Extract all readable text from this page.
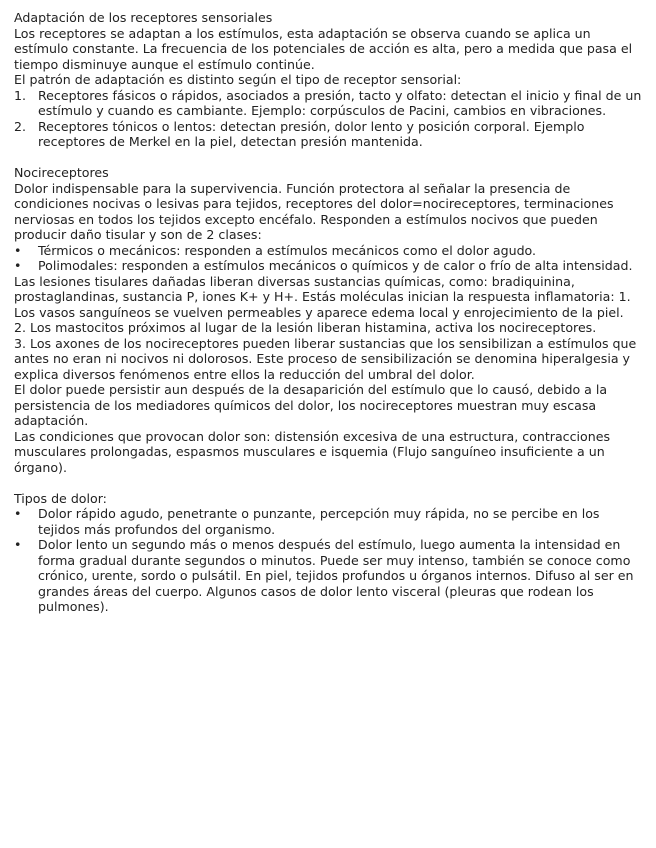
Adaptación de los receptores sensoriales

Los receptores se adaptan a los estímulos, esta adaptación se observa cuando se aplica un estímulo constante. La frecuencia de los potenciales de acción es alta, pero a medida que pasa el tiempo disminuye aunque el estímulo continúe.

El patrón de adaptación es distinto según el tipo de receptor sensorial:

1. Receptores fásicos o rápidos, asociados a presión, tacto y olfato: detectan el inicio y final de un estímulo y cuando es cambiante. Ejemplo: corpúsculos de Pacini, cambios en vibraciones.
2. Receptores tónicos o lentos: detectan presión, dolor lento y posición corporal. Ejemplo receptores de Merkel en la piel, detectan presión mantenida.

Nocireceptores

Dolor indispensable para la supervivencia. Función protectora al señalar la presencia de condiciones nocivas o lesivas para tejidos, receptores del dolor=nocireceptores, terminaciones nerviosas en todos los tejidos excepto encéfalo. Responden a estímulos nocivos que pueden producir daño tisular y son de 2 clases:

•	Térmicos o mecánicos: responden a estímulos mecánicos como el dolor agudo.
•	Polimodales: responden a estímulos mecánicos o químicos y de calor o frío de alta intensidad.

Las lesiones tisulares dañadas liberan diversas sustancias químicas, como: bradiquinina, prostaglandinas, sustancia P, iones K+ y H+. Estás moléculas inician la respuesta inflamatoria: 1. Los vasos sanguíneos se vuelven permeables y aparece edema local y enrojecimiento de la piel.

2. Los mastocitos próximos al lugar de la lesión liberan histamina, activa los nocireceptores.

3. Los axones de los nocireceptores pueden liberar sustancias que los sensibilizan a estímulos que antes no eran ni nocivos ni dolorosos. Este proceso de sensibilización se denomina hiperalgesia y explica diversos fenómenos entre ellos la reducción del umbral del dolor.

El dolor puede persistir aun después de la desaparición del estímulo que lo causó, debido a la persistencia de los mediadores químicos del dolor, los nocireceptores muestran muy escasa adaptación.

Las condiciones que provocan dolor son: distensión excesiva de una estructura, contracciones musculares prolongadas, espasmos musculares e isquemia (Flujo sanguíneo insuficiente a un órgano).

Tipos de dolor:

•	Dolor rápido agudo, penetrante o punzante, percepción muy rápida, no se percibe en los tejidos más profundos del organismo.
•	Dolor lento un segundo más o menos después del estímulo, luego aumenta la intensidad en forma gradual durante segundos o minutos. Puede ser muy intenso, también se conoce como crónico, urente, sordo o pulsátil. En piel, tejidos profundos u órganos internos. Difuso al ser en grandes áreas del cuerpo. Algunos casos de dolor lento visceral (pleuras que rodean los pulmones).
